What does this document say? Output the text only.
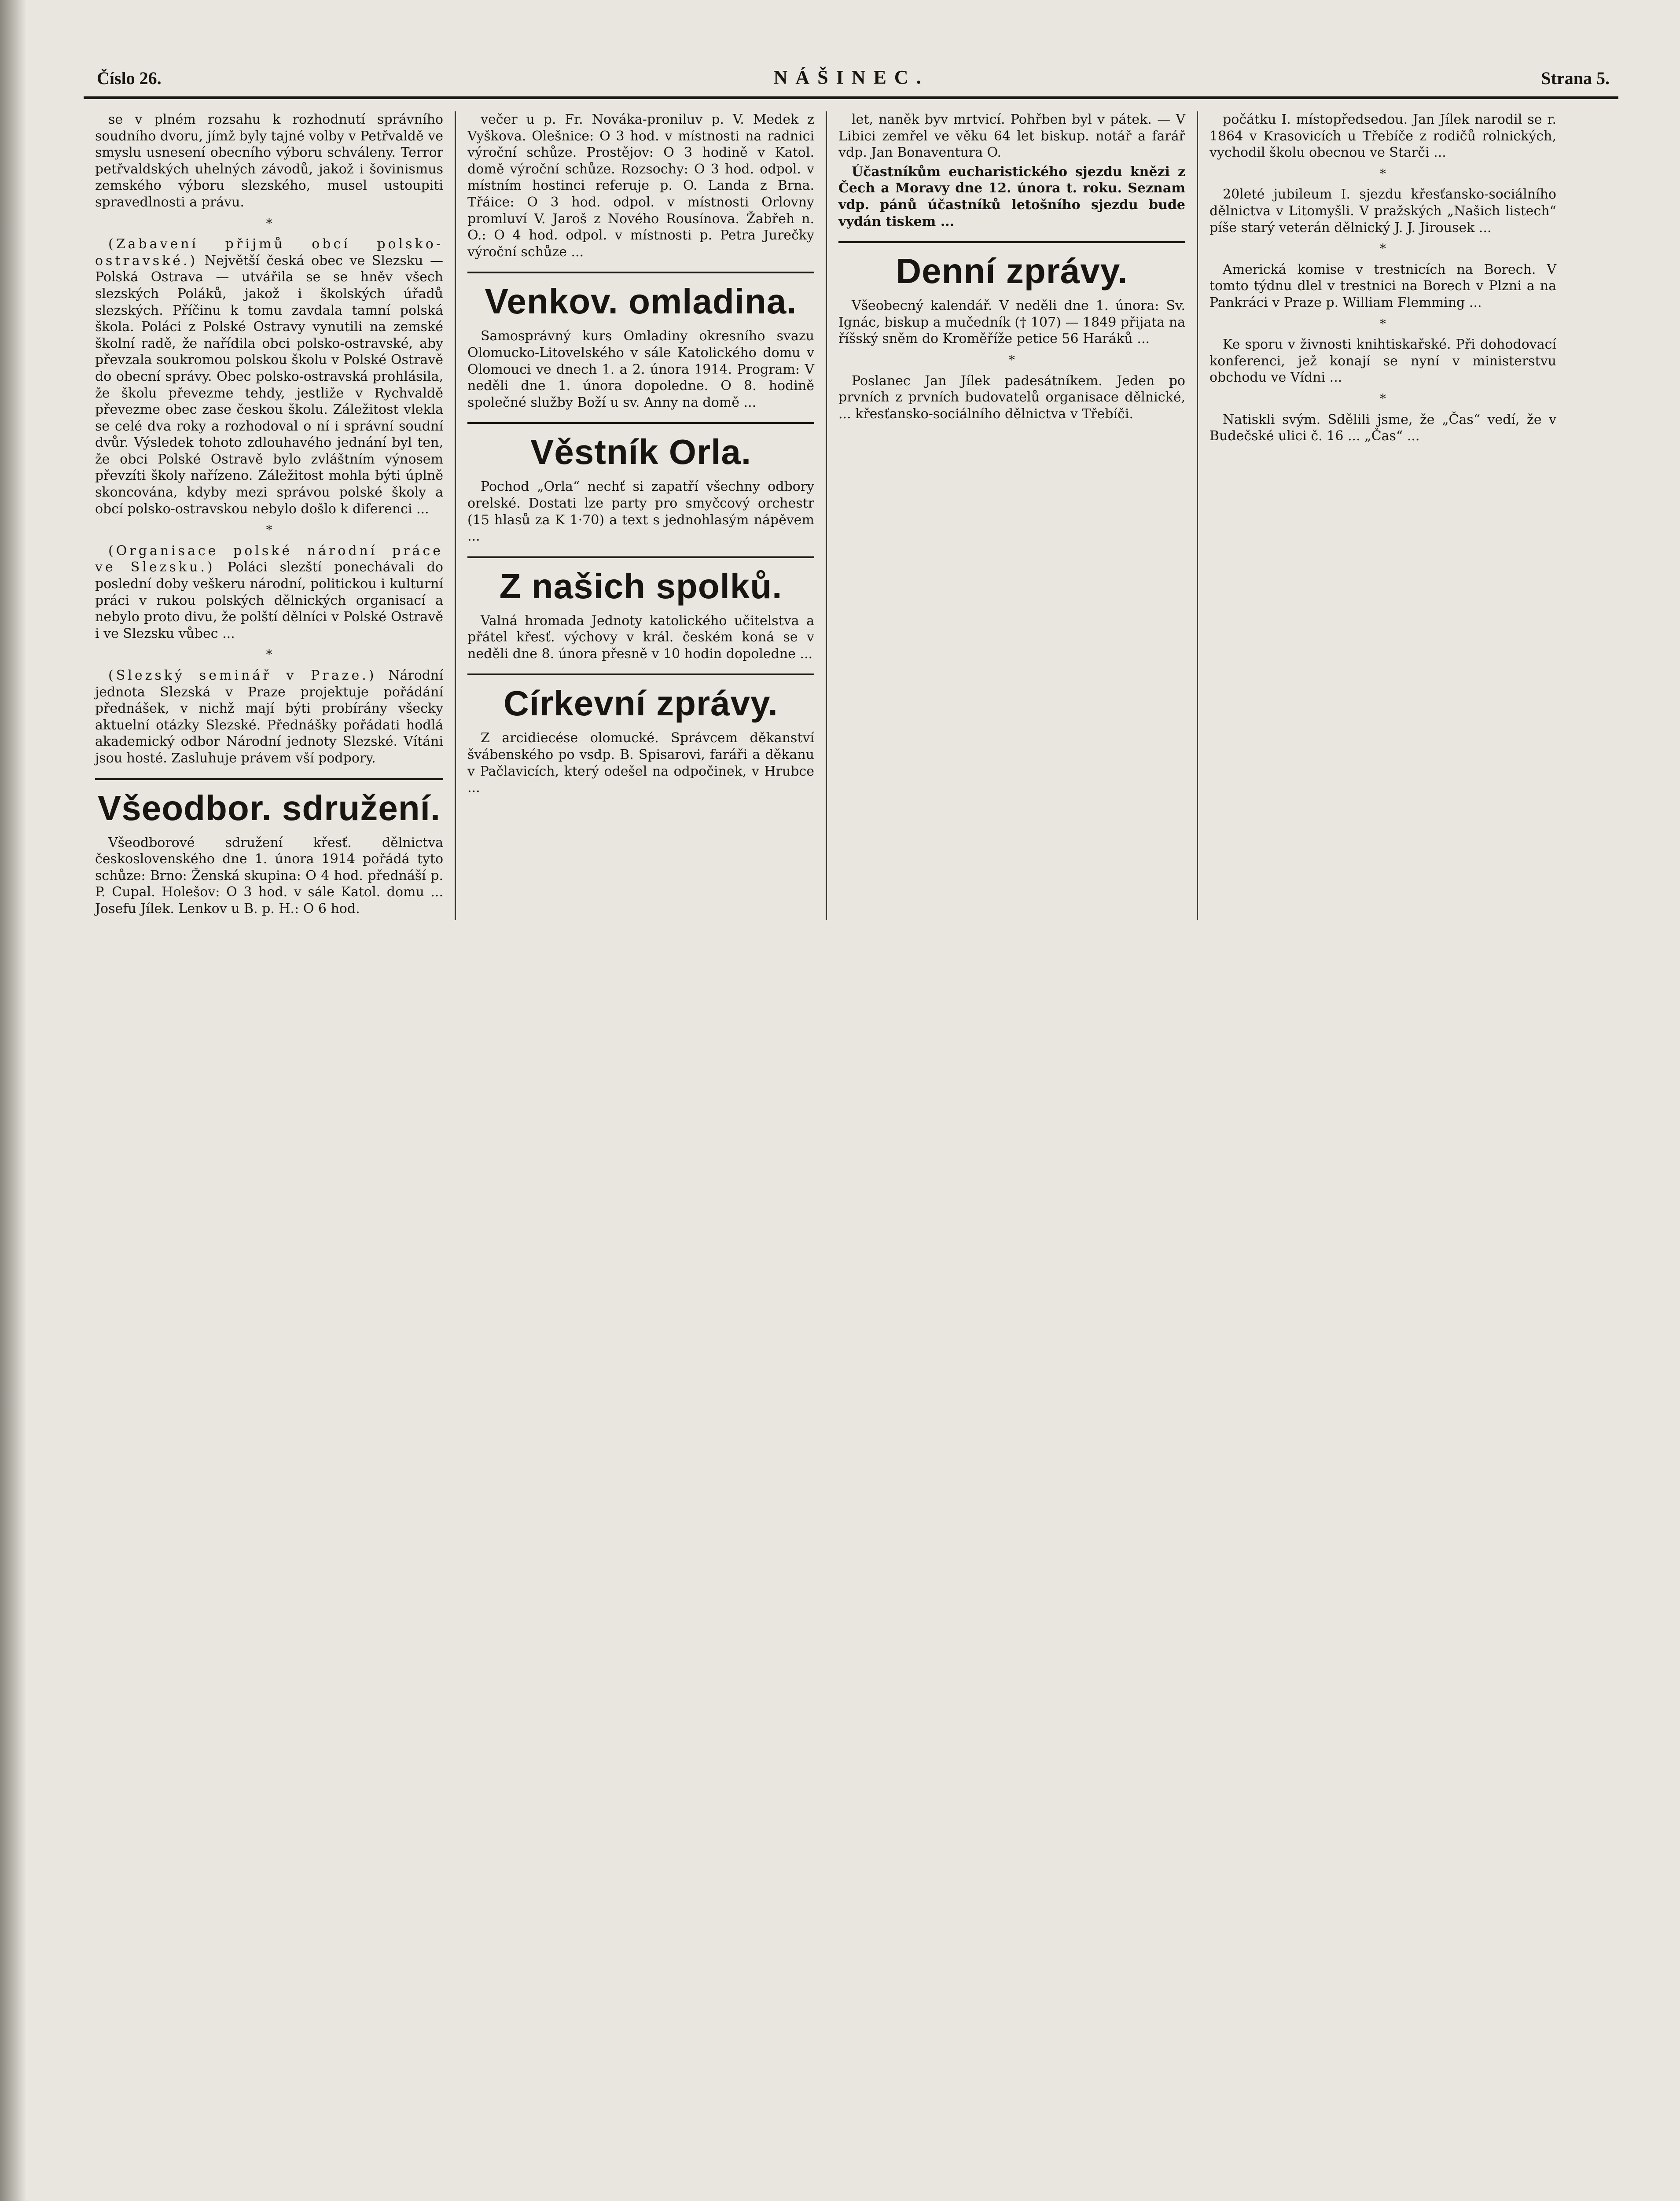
Číslo 26.	NÁŠINEC.	Strana 5.

se v plném rozsahu k rozhodnutí správního soudního dvoru, jímž byly tajné volby v Petřvaldě ve smyslu usnesení obecního výboru schváleny. Terror petřvaldských uhelných závodů, jakož i šovinismus zemského výboru slezského, musel ustoupiti spravedlnosti a právu.

*

(Zabavení přijmů obcí polsko-ostravské.) Největší česká obec ve Slezsku — Polská Ostrava — utvářila se se hněv všech slezských Poláků, jakož i školských úřadů slezských. Příčinu k tomu zavdala tamní polská škola. Poláci z Polské Ostravy vynutili na zemské školní radě, že nařídila obci polsko-ostravské, aby převzala soukromou polskou školu v Polské Ostravě do obecní správy. Obec polsko-ostravská prohlásila, že školu převezme tehdy, jestliže v Rychvaldě převezme obec zase českou školu. Záležitost vlekla se celé dva roky a rozhodoval o ní i správní soudní dvůr. Výsledek tohoto zdlouhavého jednání byl ten, že obci Polské Ostravě bylo zvláštním výnosem převzíti školy nařízeno. Záležitost mohla býti úplně skoncována, kdyby mezi správou polské školy a obcí polsko-ostravskou nebylo došlo k diferenci ...

*

(Organisace polské národní práce ve Slezsku.) Poláci slezští ponechávali do poslední doby veškeru národní, politickou i kulturní práci v rukou polských dělnických organisací a nebylo proto divu, že polští dělníci v Polské Ostravě i ve Slezsku vůbec ...

*

(Slezský seminář v Praze.) Národní jednota Slezská v Praze projektuje pořádání přednášek, v nichž mají býti probírány všecky aktuelní otázky Slezské. Přednášky pořádati hodlá akademický odbor Národní jednoty Slezské. Vítáni jsou hosté. Zasluhuje právem vší podpory.

Všeodbor. sdružení.

Všeodborové sdružení křesť. dělnictva československého dne 1. února 1914 pořádá tyto schůze: Brno: Ženská skupina: O 4 hod. přednáší p. P. Cupal. Holešov: O 3 hod. v sále Katol. domu ... Josefu Jílek. Lenkov u B. p. H.: O 6 hod.

večer u p. Fr. Nováka-proniluv p. V. Medek z Vyškova. Olešnice: O 3 hod. v místnosti na radnici výroční schůze. Prostějov: O 3 hodině v Katol. domě výroční schůze. Rozsochy: O 3 hod. odpol. v místním hostinci referuje p. O. Landa z Brna. Třáice: O 3 hod. odpol. v místnosti Orlovny promluví V. Jaroš z Nového Rousínova. Žabřeh n. O.: O 4 hod. odpol. v místnosti p. Petra Jurečky výroční schůze ...

Venkov. omladina.

Samosprávný kurs Omladiny okresního svazu Olomucko-Litovelského v sále Katolického domu v Olomouci ve dnech 1. a 2. února 1914. Program: V neděli dne 1. února dopoledne. O 8. hodině společné služby Boží u sv. Anny na domě ...

Věstník Orla.

Pochod „Orla“ nechť si zapatří všechny odbory orelské. Dostati lze party pro smyčcový orchestr (15 hlasů za K 1·70) a text s jednohlasým nápěvem ...

Z našich spolků.

Valná hromada Jednoty katolického učitelstva a přátel křesť. výchovy v král. českém koná se v neděli dne 8. února přesně v 10 hodin dopoledne ...

Církevní zprávy.

Z arcidiecése olomucké. Správcem děkanství švábenského po vsdp. B. Spisarovi, faráři a děkanu v Pačlavicích, který odešel na odpočinek, v Hrubce ...

let, naněk byv mrtvicí. Pohřben byl v pátek. — V Libici zemřel ve věku 64 let biskup. notář a farář vdp. Jan Bonaventura O.

Účastníkům eucharistického sjezdu knězi z Čech a Moravy dne 12. února t. roku. Seznam vdp. pánů účastníků letošního sjezdu bude vydán tiskem ...

Denní zprávy.

Všeobecný kalendář. V neděli dne 1. února: Sv. Ignác, biskup a mučedník († 107) — 1849 přijata na říšský sněm do Kroměříže petice 56 Haráků ...

*

Poslanec Jan Jílek padesátníkem. Jeden po prvních z prvních budovatelů organisace dělnické, ... křesťansko-sociálního dělnictva v Třebíči.

počátku I. místopředsedou. Jan Jílek narodil se r. 1864 v Krasovicích u Třebíče z rodičů rolnických, vychodil školu obecnou ve Starči ...

*

20leté jubileum I. sjezdu křesťansko-sociálního dělnictva v Litomyšli. V pražských „Našich listech“ píše starý veterán dělnický J. J. Jirousek ...

*

Americká komise v trestnicích na Borech. V tomto týdnu dlel v trestnici na Borech v Plzni a na Pankráci v Praze p. William Flemming ...

*

Ke sporu v živnosti knihtiskařské. Při dohodovací konferenci, jež konají se nyní v ministerstvu obchodu ve Vídni ...

*

Natiskli svým. Sdělili jsme, že „Čas“ vedí, že v Budečské ulici č. 16 ... „Čas“ ...
